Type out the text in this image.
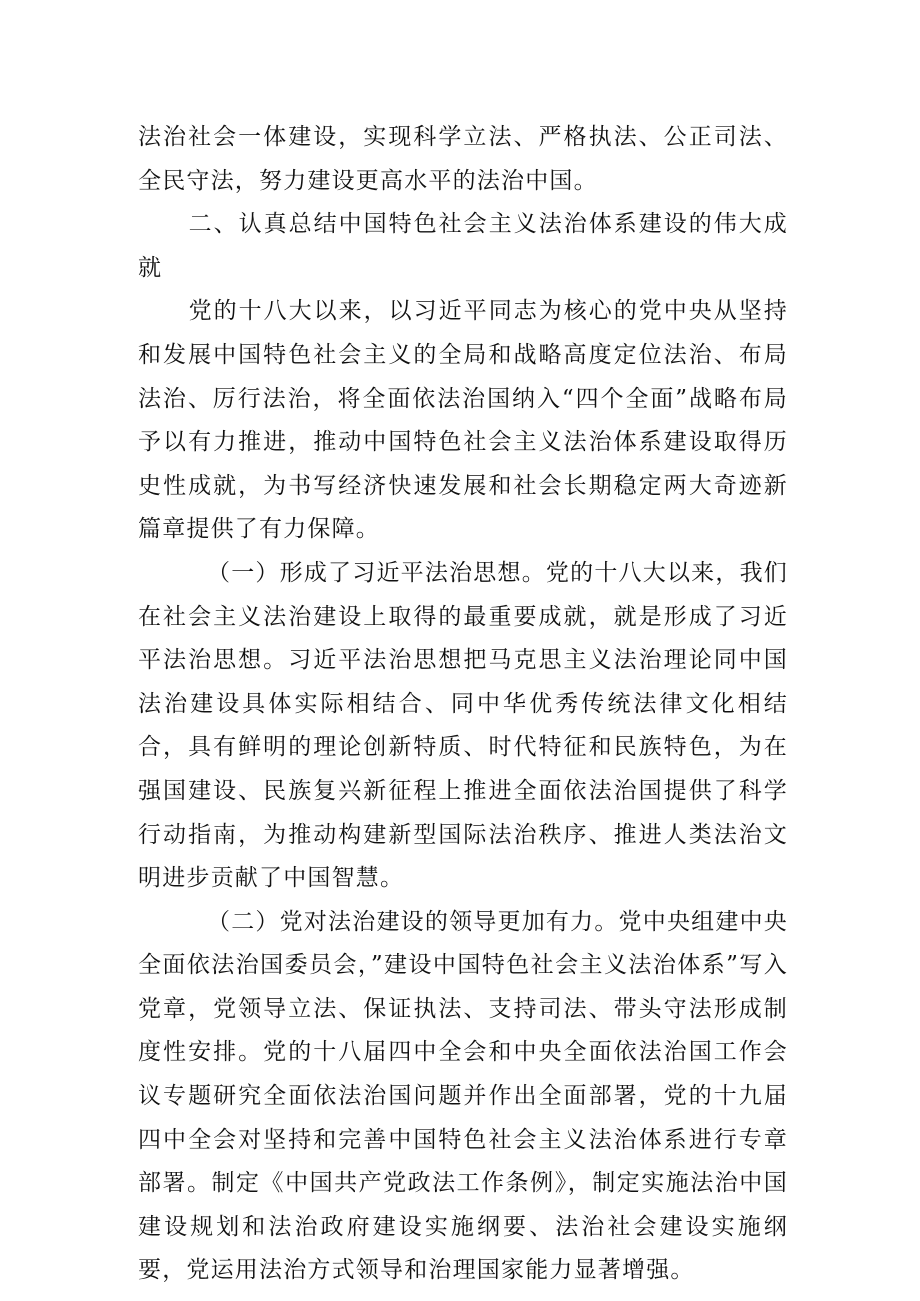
法治社会一体建设，实现科学立法、严格执法、公正司法、全民守法，努力建设更高水平的法治中国。

二、认真总结中国特色社会主义法治体系建设的伟大成就

党的十八大以来，以习近平同志为核心的党中央从坚持和发展中国特色社会主义的全局和战略高度定位法治、布局法治、厉行法治，将全面依法治国纳入“四个全面”战略布局予以有力推进，推动中国特色社会主义法治体系建设取得历史性成就，为书写经济快速发展和社会长期稳定两大奇迹新篇章提供了有力保障。

（一）形成了习近平法治思想。党的十八大以来，我们在社会主义法治建设上取得的最重要成就，就是形成了习近平法治思想。习近平法治思想把马克思主义法治理论同中国法治建设具体实际相结合、同中华优秀传统法律文化相结合，具有鲜明的理论创新特质、时代特征和民族特色，为在强国建设、民族复兴新征程上推进全面依法治国提供了科学行动指南，为推动构建新型国际法治秩序、推进人类法治文明进步贡献了中国智慧。

（二）党对法治建设的领导更加有力。党中央组建中央全面依法治国委员会，”建设中国特色社会主义法治体系”写入党章，党领导立法、保证执法、支持司法、带头守法形成制度性安排。党的十八届四中全会和中央全面依法治国工作会议专题研究全面依法治国问题并作出全面部署，党的十九届四中全会对坚持和完善中国特色社会主义法治体系进行专章部署。制定《中国共产党政法工作条例》，制定实施法治中国建设规划和法治政府建设实施纲要、法治社会建设实施纲要，党运用法治方式领导和治理国家能力显著增强。
